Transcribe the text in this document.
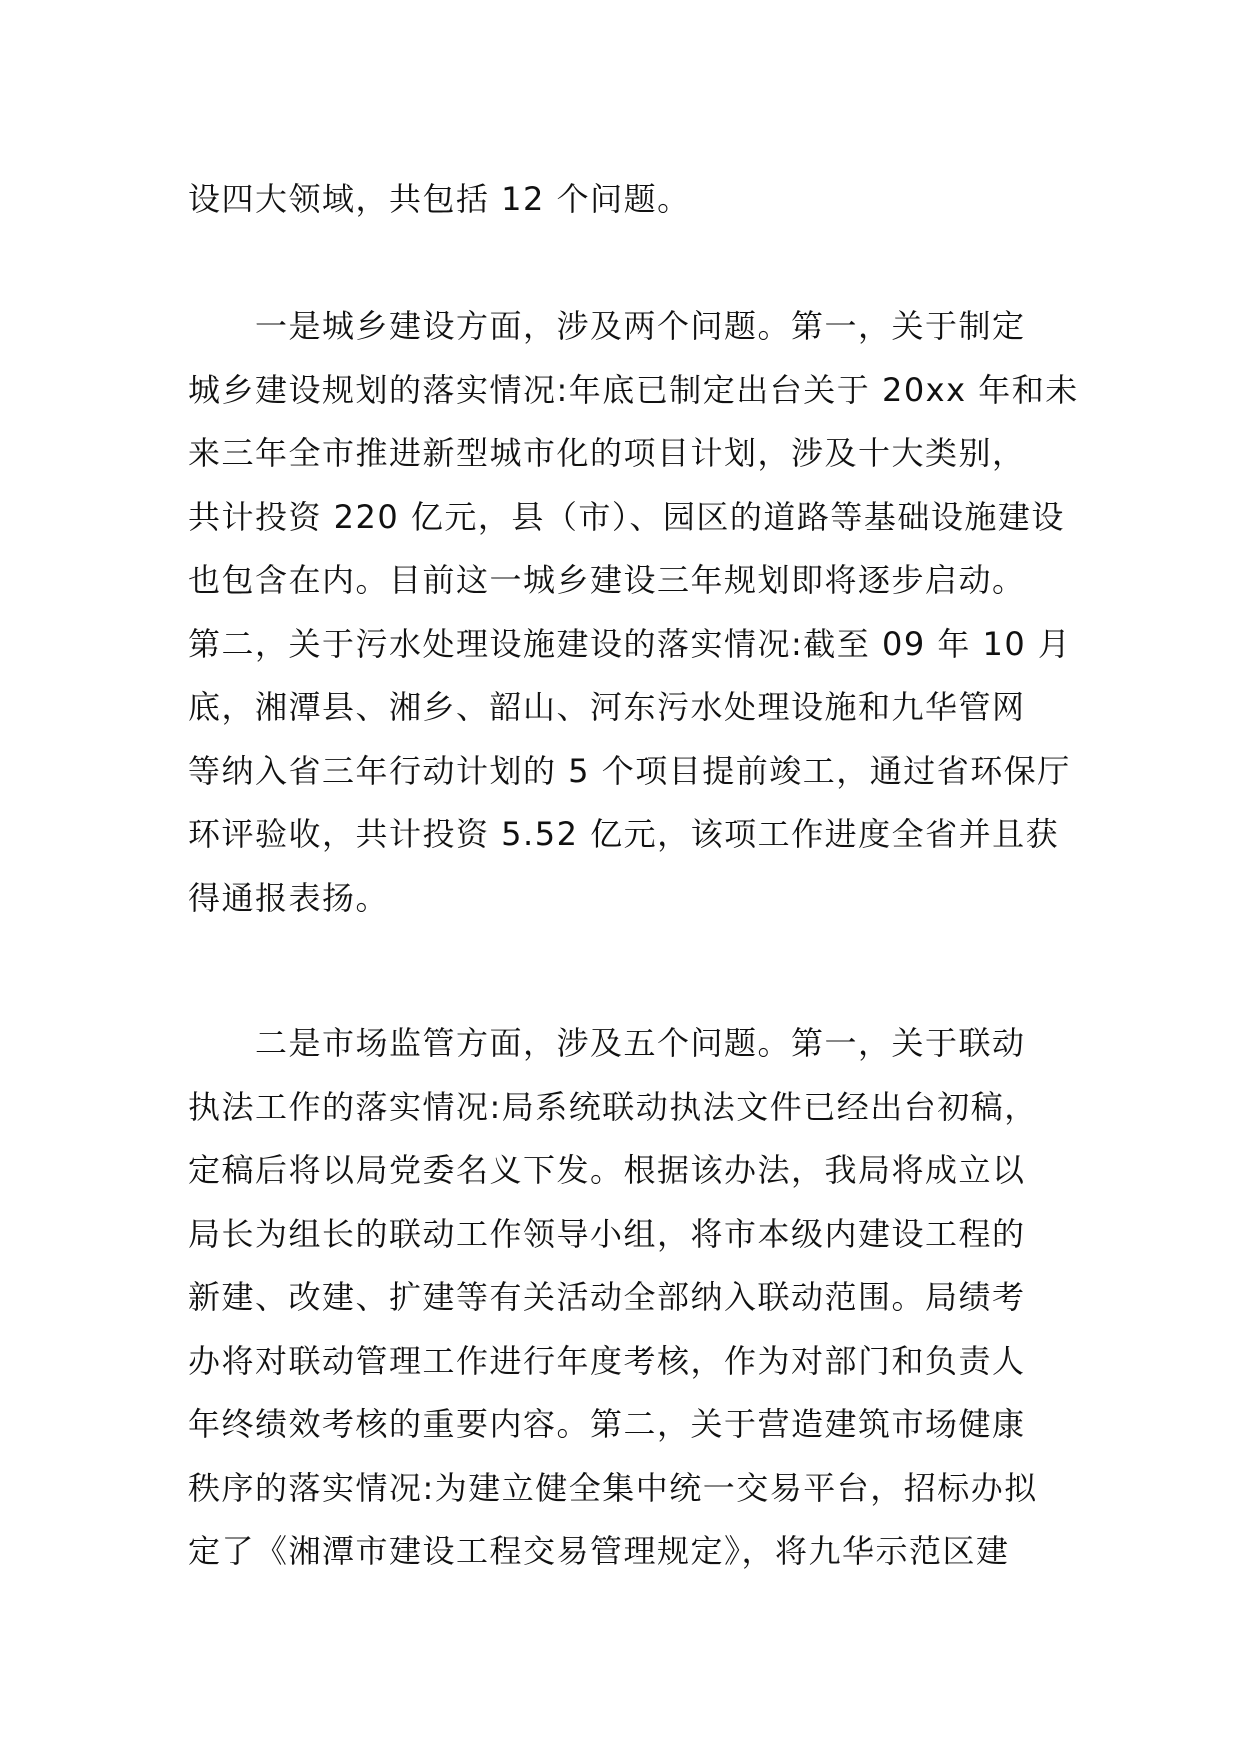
设四大领域，共包括 12 个问题。

　　一是城乡建设方面，涉及两个问题。第一，关于制定
城乡建设规划的落实情况:年底已制定出台关于 20xx 年和未
来三年全市推进新型城市化的项目计划，涉及十大类别，
共计投资 220 亿元，县（市）、园区的道路等基础设施建设
也包含在内。目前这一城乡建设三年规划即将逐步启动。
第二，关于污水处理设施建设的落实情况:截至 09 年 10 月
底，湘潭县、湘乡、韶山、河东污水处理设施和九华管网
等纳入省三年行动计划的 5 个项目提前竣工，通过省环保厅
环评验收，共计投资 5.52 亿元，该项工作进度全省并且获
得通报表扬。

　　二是市场监管方面，涉及五个问题。第一，关于联动
执法工作的落实情况:局系统联动执法文件已经出台初稿，
定稿后将以局党委名义下发。根据该办法，我局将成立以
局长为组长的联动工作领导小组，将市本级内建设工程的
新建、改建、扩建等有关活动全部纳入联动范围。局绩考
办将对联动管理工作进行年度考核，作为对部门和负责人
年终绩效考核的重要内容。第二，关于营造建筑市场健康
秩序的落实情况:为建立健全集中统一交易平台，招标办拟
定了《湘潭市建设工程交易管理规定》，将九华示范区建
